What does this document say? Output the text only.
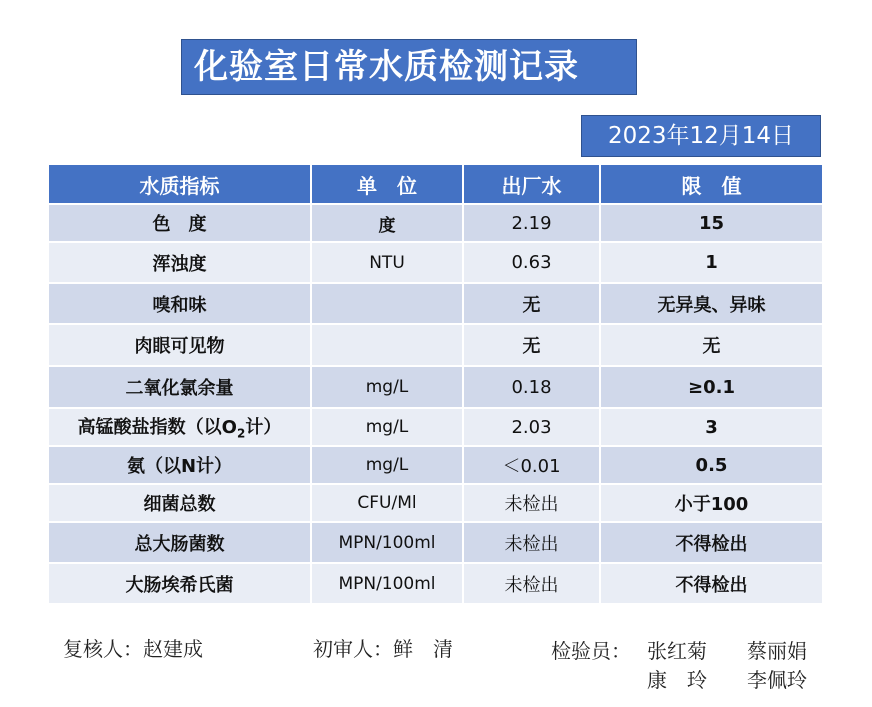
化验室日常水质检测记录
2023年12月14日
水质指标	单　位	出厂水	限　值
色　度	度	2.19	15
浑浊度	NTU	0.63	1
嗅和味		无	无异臭、异味
肉眼可见物		无	无
二氧化氯余量	mg/L	0.18	≥0.1
高锰酸盐指数（以$O_2$计）	mg/L	2.03	3
氨（以N计）	mg/L	＜0.01	0.5
细菌总数	CFU/Ml	未检出	小于100
总大肠菌数	MPN/100ml	未检出	不得检出
大肠埃希氏菌	MPN/100ml	未检出	不得检出
复核人：赵建成	初审人：鲜　清	检验员： 张红菊　　蔡丽娟
康　玲　　李佩玲
